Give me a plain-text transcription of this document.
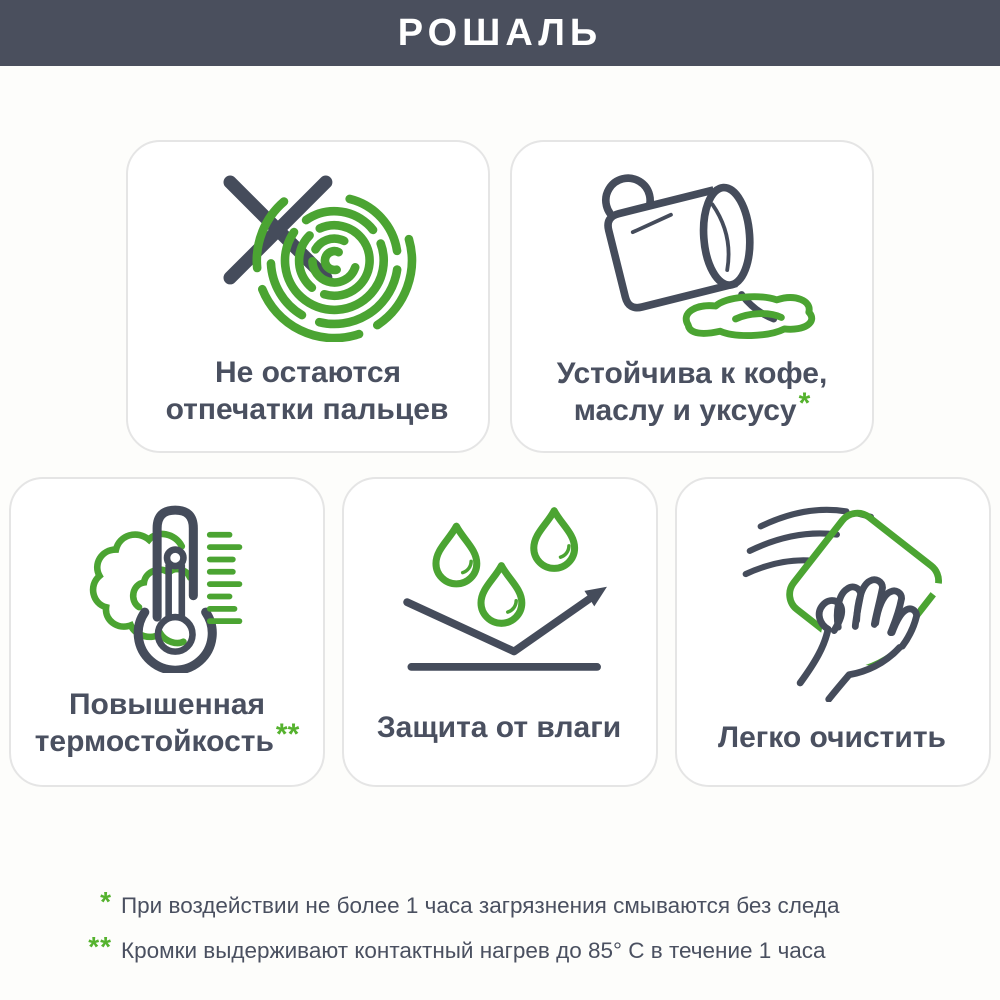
РОШАЛЬ
Не остаются
отпечатки пальцев
Устойчива к кофе,
маслу и уксусу*
Повышенная
термостойкость**	Защита от влаги	Легко очистить
* При воздействии не более 1 часа загрязнения смываются без следа
** Кромки выдерживают контактный нагрев до 85° C в течение 1 часа
